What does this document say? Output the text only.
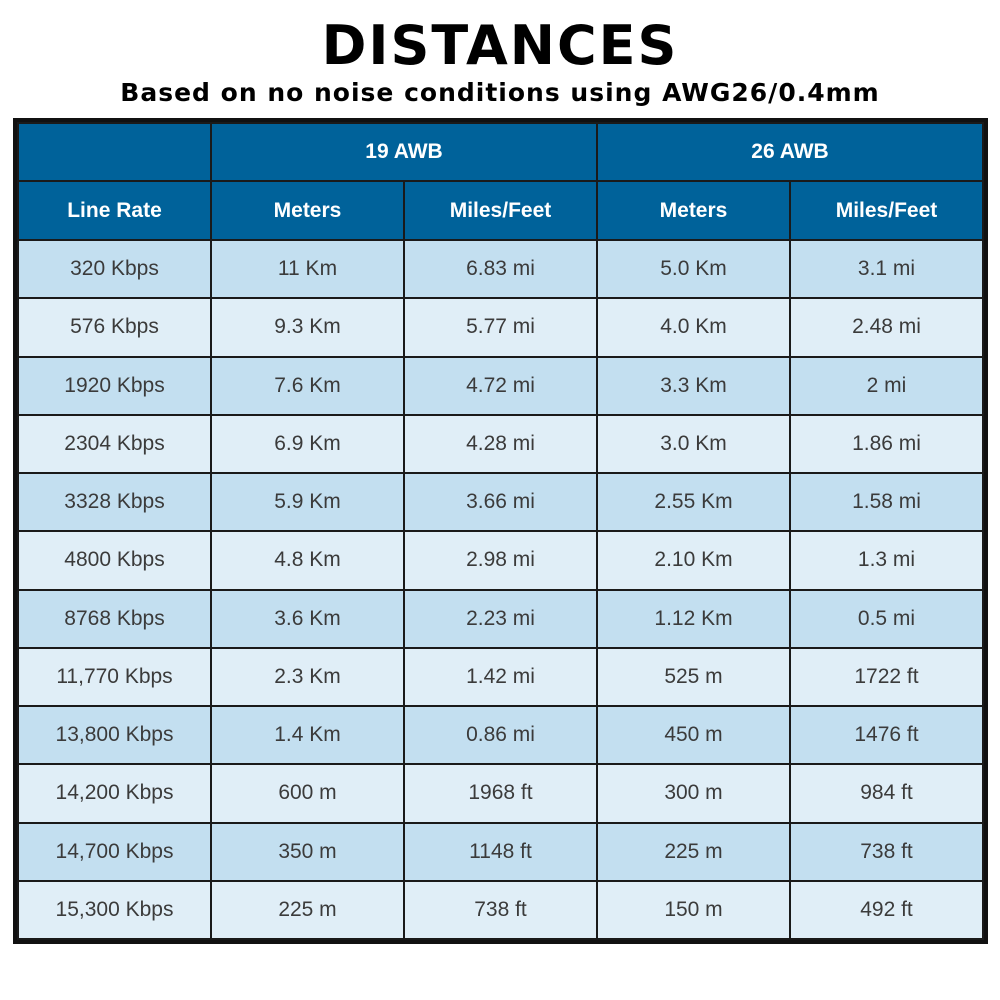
DISTANCES
Based on no noise conditions using AWG26/0.4mm
	19 AWB		26 AWB	
Line Rate	Meters	Miles/Feet	Meters	Miles/Feet
320 Kbps	11 Km	6.83 mi	5.0 Km	3.1 mi
576 Kbps	9.3 Km	5.77 mi	4.0 Km	2.48 mi
1920 Kbps	7.6 Km	4.72 mi	3.3 Km	2 mi
2304 Kbps	6.9 Km	4.28 mi	3.0 Km	1.86 mi
3328 Kbps	5.9 Km	3.66 mi	2.55 Km	1.58 mi
4800 Kbps	4.8 Km	2.98 mi	2.10 Km	1.3 mi
8768 Kbps	3.6 Km	2.23 mi	1.12 Km	0.5 mi
11,770 Kbps	2.3 Km	1.42 mi	525 m	1722 ft
13,800 Kbps	1.4 Km	0.86 mi	450 m	1476 ft
14,200 Kbps	600 m	1968 ft	300 m	984 ft
14,700 Kbps	350 m	1148 ft	225 m	738 ft
15,300 Kbps	225 m	738 ft	150 m	492 ft
